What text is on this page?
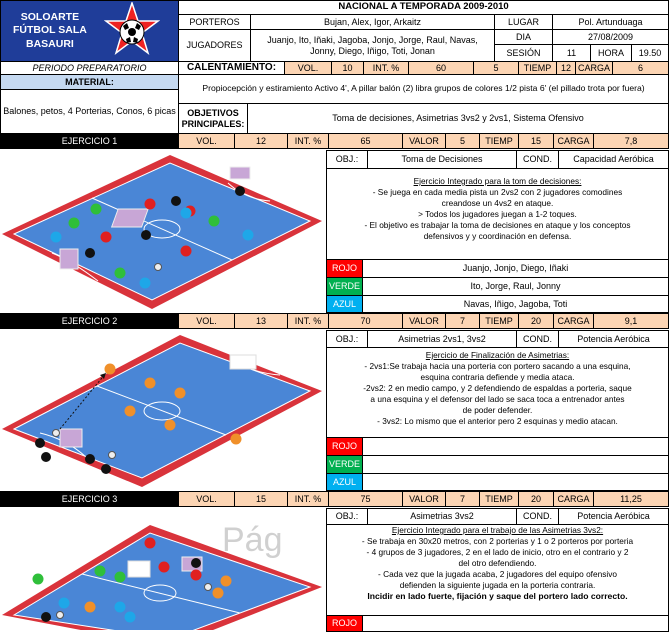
SOLOARTE
FÚTBOL SALA
BASAURI
NACIONAL A TEMPORADA 2009-2010
PORTEROS	Bujan, Alex, Igor, Arkaitz
JUGADORES
Juanjo, Ito, Iñaki, Jagoba, Jonjo, Jorge, Raul, Navas,
Jonny, Diego, Iñigo, Toti, Jonan
LUGAR	Pol. Artunduaga
DIA	27/08/2009
SESIÓN	11	HORA	19.50
PERIODO PREPARATORIO
MATERIAL:
Balones, petos, 4 Porterias, Conos, 6 picas
CALENTAMIENTO:	VOL.	10	INT. %	60	5	TIEMP	12 CARGA	6
Propiocepción y estiramiento Activo 4', A pillar balón (2) libra grupos de colores 1/2 pista 6' (el pillado trota por fuera)
OBJETIVOS PRINCIPALES:
Toma de decisiones, Asimetrias 3vs2 y 2vs1, Sistema Ofensivo
EJERCICIO 1	VOL.	12	INT. %	65	VALOR	5	TIEMP	15	CARGA	7,8
OBJ.:	Toma de Decisiones	COND.	Capacidad Aeróbica
Ejercicio Integrado para la tom de decisiones:

- Se juega en cada media pista un 2vs2 con 2 jugadores comodines

creandose un 4vs2 en ataque.

> Todos los jugadores juegan a 1-2 toques.

- El objetivo es trabajar la toma de decisiones en ataque y los conceptos

defensivos y y coordinación en defensa.

ROJO	Juanjo, Jonjo, Diego, Iñaki
VERDE	Ito, Jorge, Raul, Jonny
AZUL	Navas, Iñigo, Jagoba, Toti
EJERCICIO 2	VOL.	13	INT. %	70	VALOR	7	TIEMP	20	CARGA	9,1
OBJ.:	Asimetrias 2vs1, 3vs2	COND.	Potencia Aeróbica
Ejercicio de Finalización de Asimetrias:

- 2vs1:Se trabaja hacia una porteria con portero sacando a una esquina,

esquina contraria defiende y media ataca.

-2vs2: 2 en medio campo, y 2 defendiendo de espaldas a porteria, saque

a una esquina y el defensor del lado se saca toca a entrenador antes

de poder defender.

- 3vs2: Lo mismo que el anterior pero 2 esquinas y medio atacan.

ROJO
VERDE
AZUL
EJERCICIO 3	VOL.	15	INT. %	75	VALOR	7	TIEMP	20	CARGA	11,25
OBJ.:	Asimetrias 3vs2	COND.	Potencia Aeróbica
Ejercicio Integrado para el trabajo de las Asimetrias 3vs2:

- Se trabaja en 30x20 metros, con 2 porterias y 1 o 2 porteros por porteria

- 4 grupos de 3 jugadores, 2 en el lado de inicio, otro en el contrario y 2

del otro defendiendo.

- Cada vez que la jugada acaba, 2 jugadores del equipo ofensivo

defienden la siguiente jugada en la porteria contraria.

Incidir en lado fuerte, fijación y saque del portero lado correcto.

ROJO
Pág
